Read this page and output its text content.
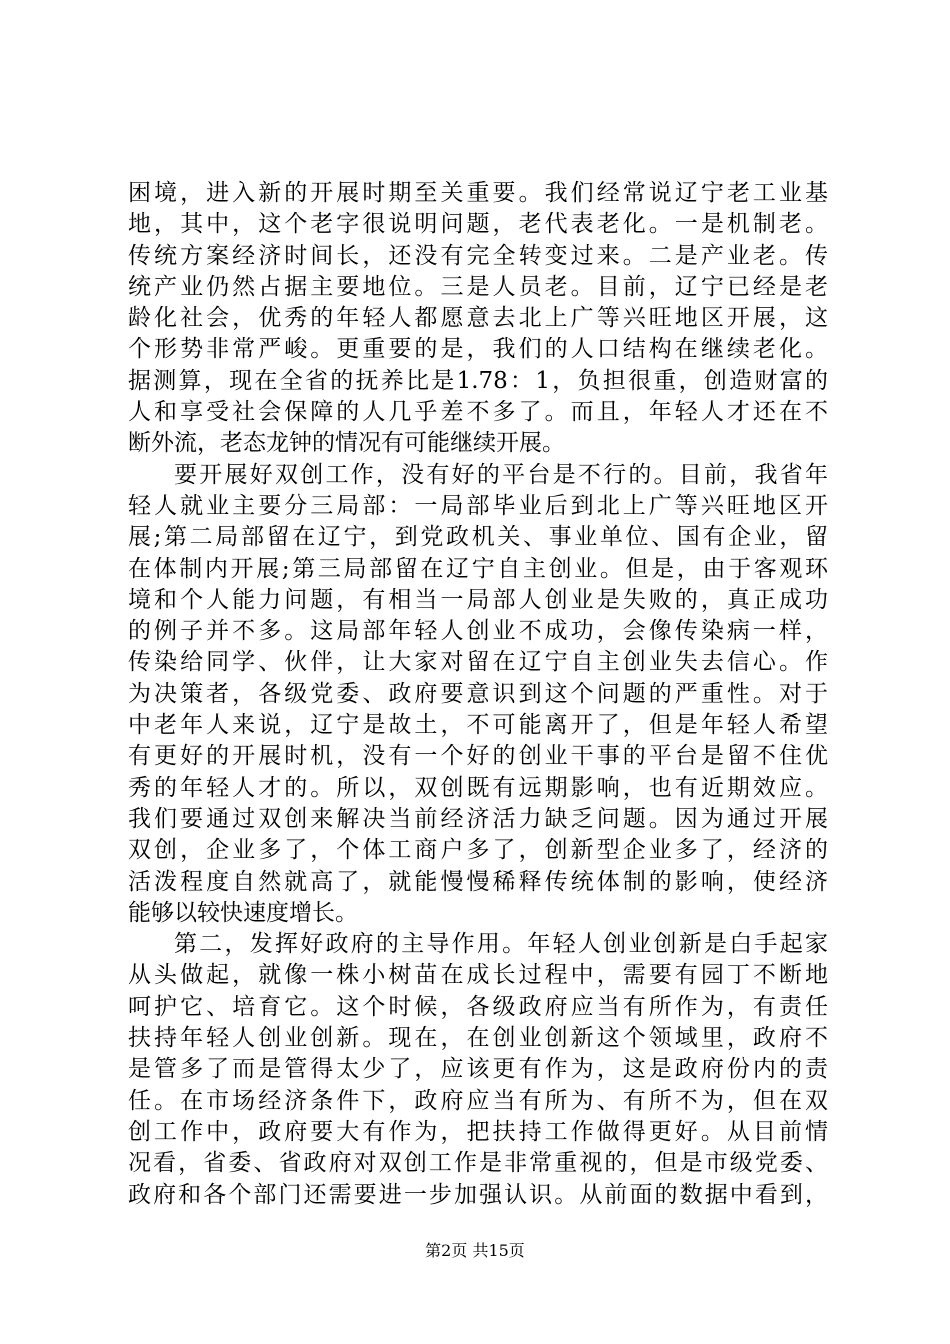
困境，进入新的开展时期至关重要。我们经常说辽宁老工业基
地，其中，这个老字很说明问题，老代表老化。一是机制老。
传统方案经济时间长，还没有完全转变过来。二是产业老。传
统产业仍然占据主要地位。三是人员老。目前，辽宁已经是老
龄化社会，优秀的年轻人都愿意去北上广等兴旺地区开展，这
个形势非常严峻。更重要的是，我们的人口结构在继续老化。
据测算，现在全省的抚养比是1.78：1，负担很重，创造财富的
人和享受社会保障的人几乎差不多了。而且，年轻人才还在不
断外流，老态龙钟的情况有可能继续开展。
要开展好双创工作，没有好的平台是不行的。目前，我省年
轻人就业主要分三局部：一局部毕业后到北上广等兴旺地区开
展;第二局部留在辽宁，到党政机关、事业单位、国有企业，留
在体制内开展;第三局部留在辽宁自主创业。但是，由于客观环
境和个人能力问题，有相当一局部人创业是失败的，真正成功
的例子并不多。这局部年轻人创业不成功，会像传染病一样，
传染给同学、伙伴，让大家对留在辽宁自主创业失去信心。作
为决策者，各级党委、政府要意识到这个问题的严重性。对于
中老年人来说，辽宁是故土，不可能离开了，但是年轻人希望
有更好的开展时机，没有一个好的创业干事的平台是留不住优
秀的年轻人才的。所以，双创既有远期影响，也有近期效应。
我们要通过双创来解决当前经济活力缺乏问题。因为通过开展
双创，企业多了，个体工商户多了，创新型企业多了，经济的
活泼程度自然就高了，就能慢慢稀释传统体制的影响，使经济
能够以较快速度增长。
第二，发挥好政府的主导作用。年轻人创业创新是白手起家
从头做起，就像一株小树苗在成长过程中，需要有园丁不断地
呵护它、培育它。这个时候，各级政府应当有所作为，有责任
扶持年轻人创业创新。现在，在创业创新这个领域里，政府不
是管多了而是管得太少了，应该更有作为，这是政府份内的责
任。在市场经济条件下，政府应当有所为、有所不为，但在双
创工作中，政府要大有作为，把扶持工作做得更好。从目前情
况看，省委、省政府对双创工作是非常重视的，但是市级党委、
政府和各个部门还需要进一步加强认识。从前面的数据中看到，
第2页 共15页
